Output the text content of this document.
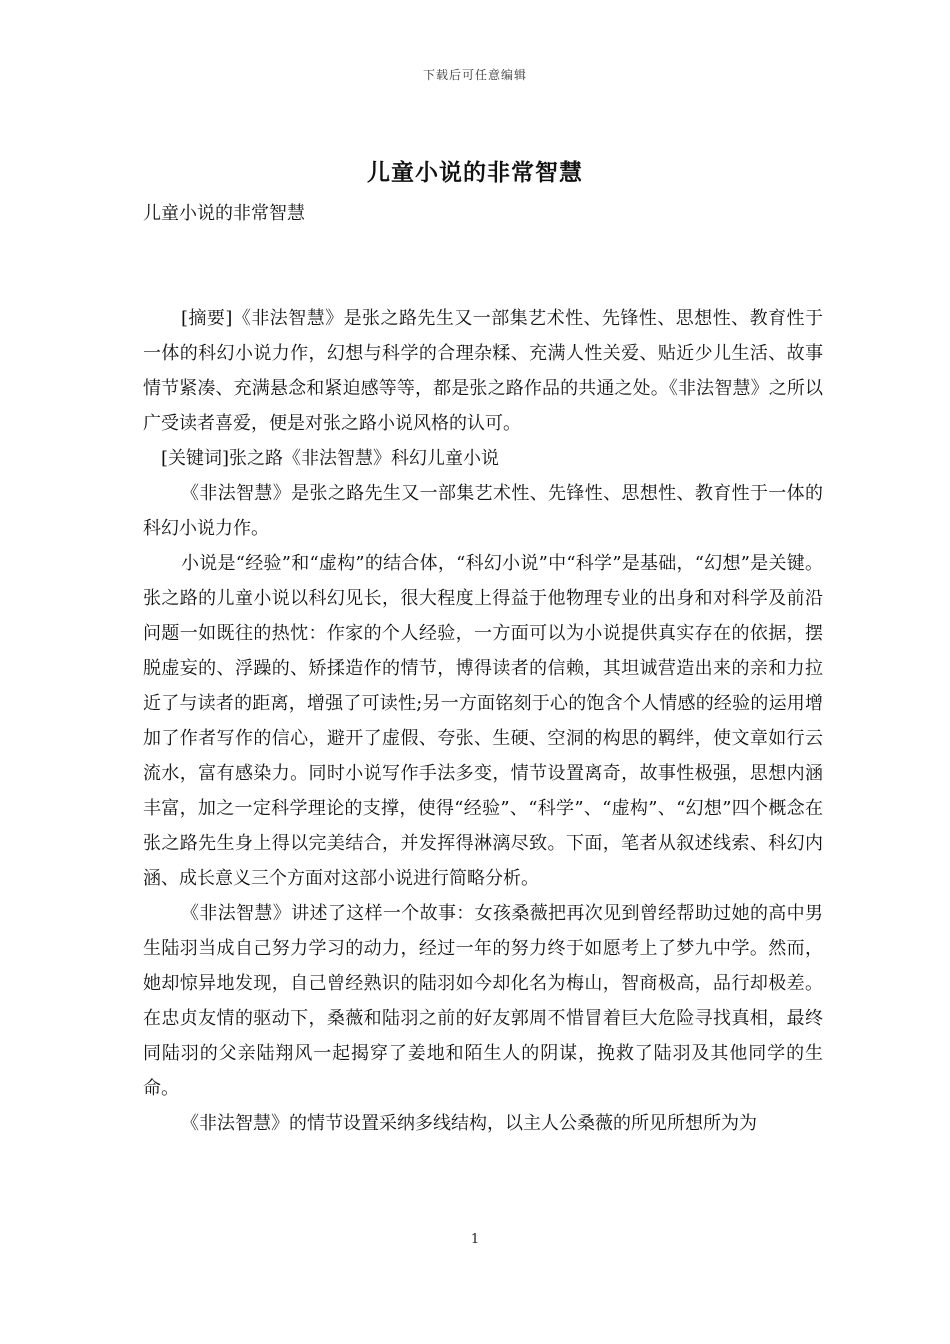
下载后可任意编辑
儿童小说的非常智慧

儿童小说的非常智慧

[摘要]《非法智慧》是张之路先生又一部集艺术性、先锋性、思想性、教育性于一体的科幻小说力作，幻想与科学的合理杂糅、充满人性关爱、贴近少儿生活、故事情节紧凑、充满悬念和紧迫感等等，都是张之路作品的共通之处。《非法智慧》之所以广受读者喜爱，便是对张之路小说风格的认可。

[关键词]张之路《非法智慧》科幻儿童小说

《非法智慧》是张之路先生又一部集艺术性、先锋性、思想性、教育性于一体的科幻小说力作。

小说是“经验”和“虚构”的结合体，“科幻小说”中“科学”是基础，“幻想”是关键。张之路的儿童小说以科幻见长，很大程度上得益于他物理专业的出身和对科学及前沿问题一如既往的热忱：作家的个人经验，一方面可以为小说提供真实存在的依据，摆脱虚妄的、浮躁的、矫揉造作的情节，博得读者的信赖，其坦诚营造出来的亲和力拉近了与读者的距离，增强了可读性;另一方面铭刻于心的饱含个人情感的经验的运用增加了作者写作的信心，避开了虚假、夸张、生硬、空洞的构思的羁绊，使文章如行云流水，富有感染力。同时小说写作手法多变，情节设置离奇，故事性极强，思想内涵丰富，加之一定科学理论的支撑，使得“经验”、“科学”、“虚构”、“幻想”四个概念在张之路先生身上得以完美结合，并发挥得淋漓尽致。下面，笔者从叙述线索、科幻内涵、成长意义三个方面对这部小说进行简略分析。

《非法智慧》讲述了这样一个故事：女孩桑薇把再次见到曾经帮助过她的高中男生陆羽当成自己努力学习的动力，经过一年的努力终于如愿考上了梦九中学。然而，她却惊异地发现，自己曾经熟识的陆羽如今却化名为梅山，智商极高，品行却极差。在忠贞友情的驱动下，桑薇和陆羽之前的好友郭周不惜冒着巨大危险寻找真相，最终同陆羽的父亲陆翔风一起揭穿了姜地和陌生人的阴谋，挽救了陆羽及其他同学的生命。

《非法智慧》的情节设置采纳多线结构，以主人公桑薇的所见所想所为为

1
